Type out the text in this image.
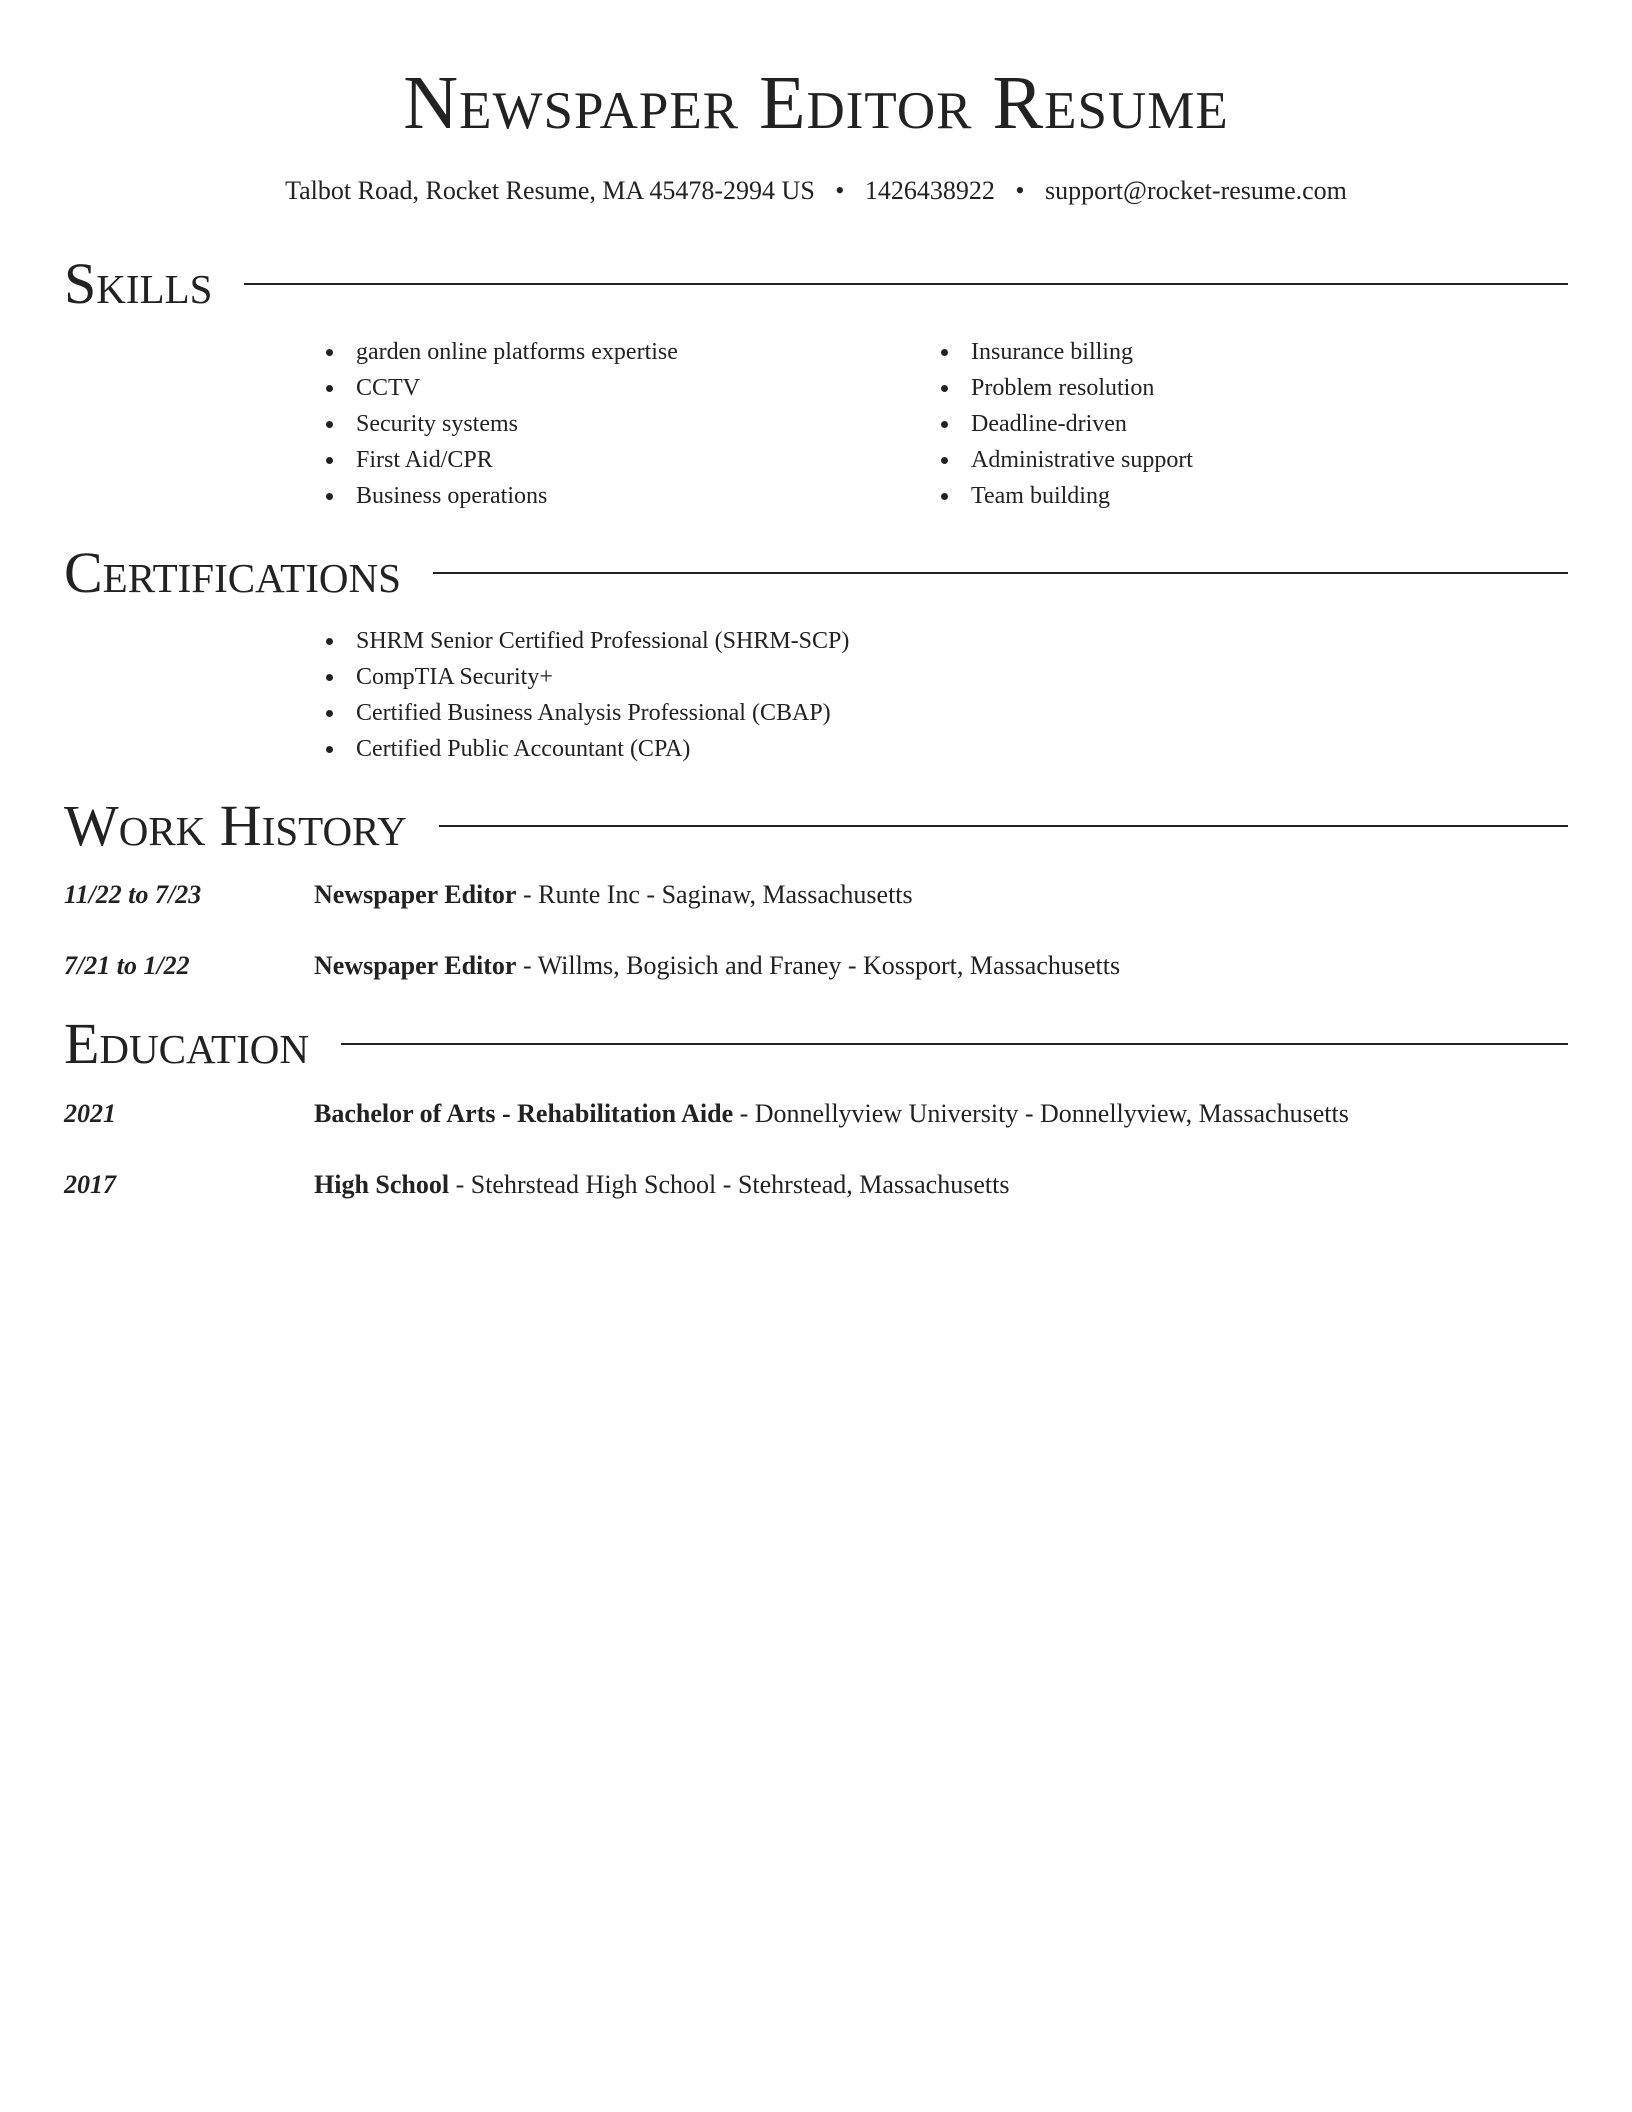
Newspaper Editor Resume
Talbot Road, Rocket Resume, MA 45478-2994 US • 1426438922 • support@rocket-resume.com
Skills
garden online platforms expertise
CCTV
Security systems
First Aid/CPR
Business operations
Insurance billing
Problem resolution
Deadline-driven
Administrative support
Team building
Certifications
SHRM Senior Certified Professional (SHRM-SCP)
CompTIA Security+
Certified Business Analysis Professional (CBAP)
Certified Public Accountant (CPA)
Work History
11/22 to 7/23	Newspaper Editor - Runte Inc - Saginaw, Massachusetts
7/21 to 1/22	Newspaper Editor - Willms, Bogisich and Franey - Kossport, Massachusetts
Education
2021	Bachelor of Arts - Rehabilitation Aide - Donnellyview University - Donnellyview, Massachusetts
2017	High School - Stehrstead High School - Stehrstead, Massachusetts
